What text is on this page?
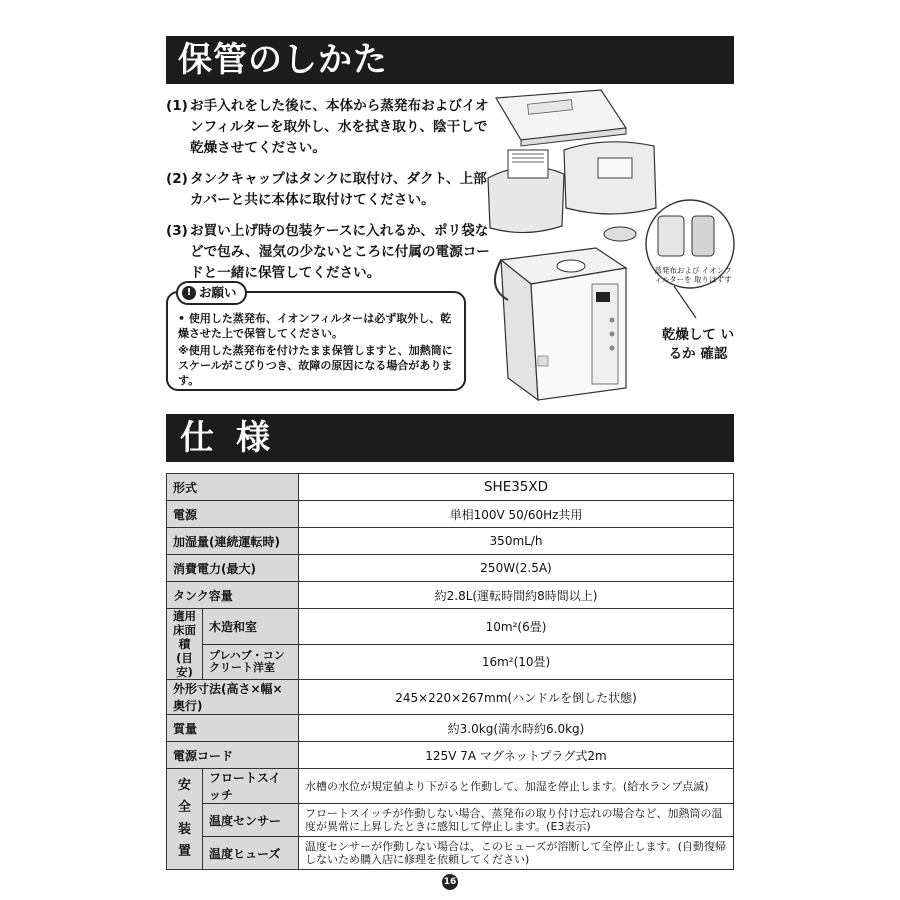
保管のしかた
(1) お手入れをした後に、本体から蒸発布およびイオンフィルターを取外し、水を拭き取り、陰干しで乾燥させてください。
(2) タンクキャップはタンクに取付け、ダクト、上部カバーと共に本体に取付けてください。
(3) お買い上げ時の包装ケースに入れるか、ポリ袋などで包み、湿気の少ないところに付属の電源コードと一緒に保管してください。
! お願い

• 使用した蒸発布、イオンフィルターは必ず取外し、乾燥させた上で保管してください。

※使用した蒸発布を付けたまま保管しますと、加熱筒にスケールがこびりつき、故障の原因になる場合があります。

蒸発布および イオンフィルターを 取りはずす
乾燥して いるか 確認
仕様
形式		SHE35XD
電源		単相100V 50/60Hz共用
加湿量(連続運転時)		350mL/h
消費電力(最大)		250W(2.5A)
タンク容量		約2.8L(運転時間約8時間以上)
適用 床面積 (目安)	木造和室	10m²(6畳)
	プレハブ・コンクリート洋室	16m²(10畳)
外形寸法(高さ×幅×奥行)		245×220×267mm(ハンドルを倒した状態)
質量		約3.0kg(満水時約6.0kg)
電源コード		125V 7A マグネットプラグ式2m
安 全 装 置	フロートスイッチ	水槽の水位が規定値より下がると作動して、加湿を停止します。(給水ランプ点滅)
	温度センサー	フロートスイッチが作動しない場合、蒸発布の取り付け忘れの場合など、加熱筒の温度が異常に上昇したときに感知して停止します。(E3表示)
	温度ヒューズ	温度センサーが作動しない場合は、このヒューズが溶断して全停止します。(自動復帰しないため購入店に修理を依頼してください)
16
